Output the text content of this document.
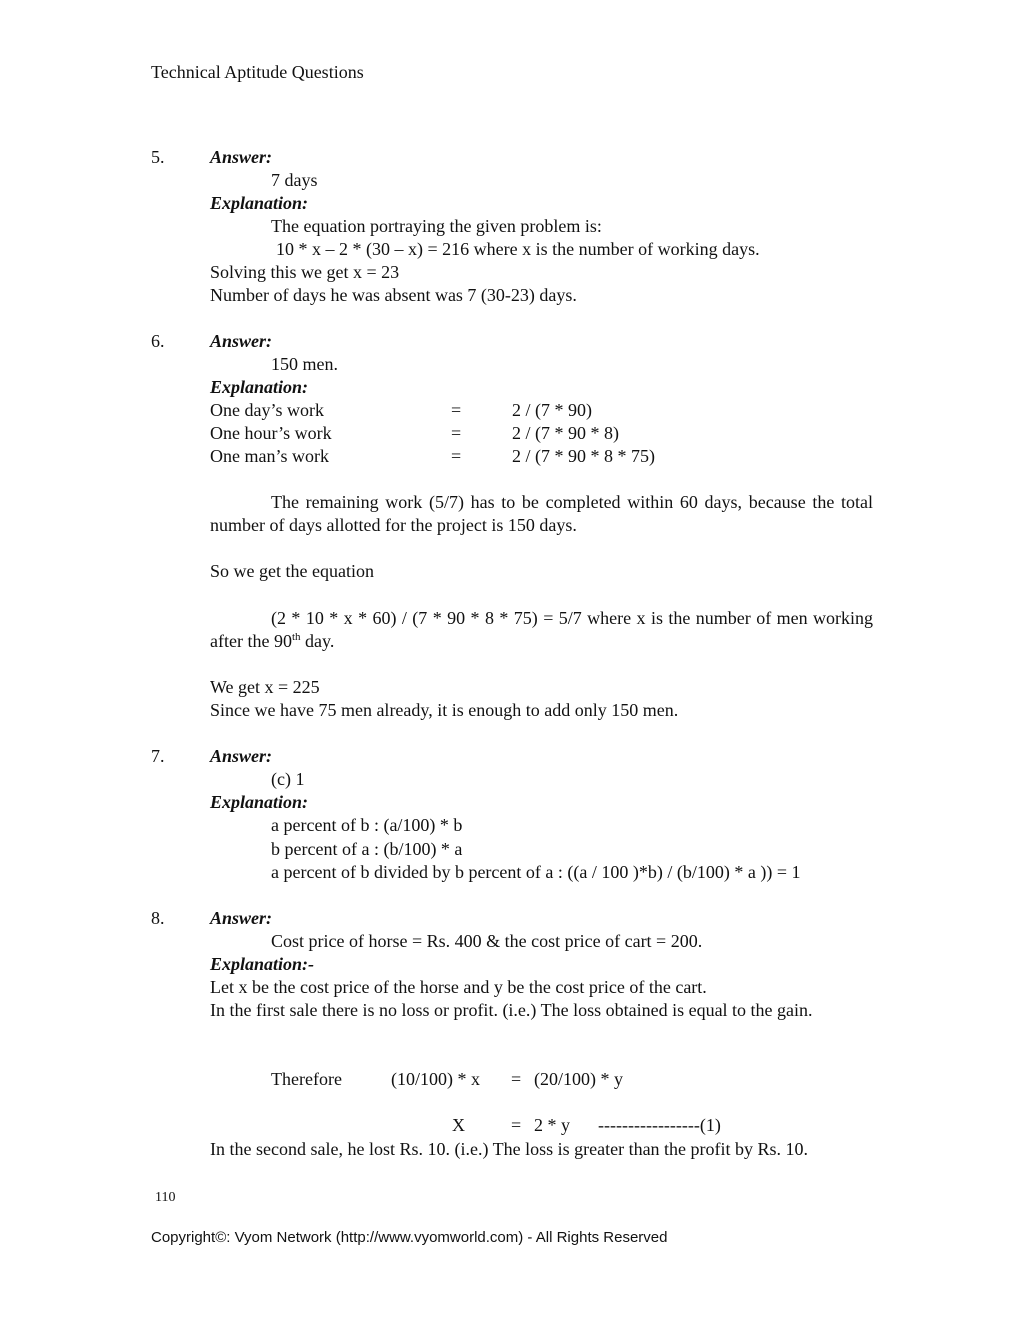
Technical Aptitude Questions
5.	Answer:
7 days
Explanation:
The equation portraying the given problem is:
10 * x – 2 * (30 – x) = 216 where x is the number of working days.
Solving this we get x = 23
Number of days he was absent was 7 (30-23) days.
6.	Answer:
150 men.
Explanation:
One day’s work	=	2 / (7 * 90)
One hour’s work	=	2 / (7 * 90 * 8)
One man’s work	=	2 / (7 * 90 * 8 * 75)
The remaining work (5/7) has to be completed within 60 days, because the total number of days allotted for the project is 150 days.
So we get the equation
(2 * 10 * x * 60) / (7 * 90 * 8 * 75) = 5/7 where x is the number of men working after the 90th day.
We get x = 225
Since we have 75 men already, it is enough to add only 150 men.
7.	Answer:
(c) 1
Explanation:
a percent of b : (a/100) * b
b percent of a : (b/100) * a
a percent of b divided by b percent of a : ((a / 100 )*b) / (b/100) * a )) = 1
8.	Answer:
Cost price of horse = Rs. 400 & the cost price of cart = 200.
Explanation:-
Let x be the cost price of the horse and y be the cost price of the cart.
In the first sale there is no loss or profit. (i.e.) The loss obtained is equal to the gain.
Therefore	(10/100) * x = (20/100) * y
X	= 2 * y -----------------(1)
In the second sale, he lost Rs. 10. (i.e.) The loss is greater than the profit by Rs. 10.
110
Copyright©: Vyom Network (http://www.vyomworld.com) - All Rights Reserved
